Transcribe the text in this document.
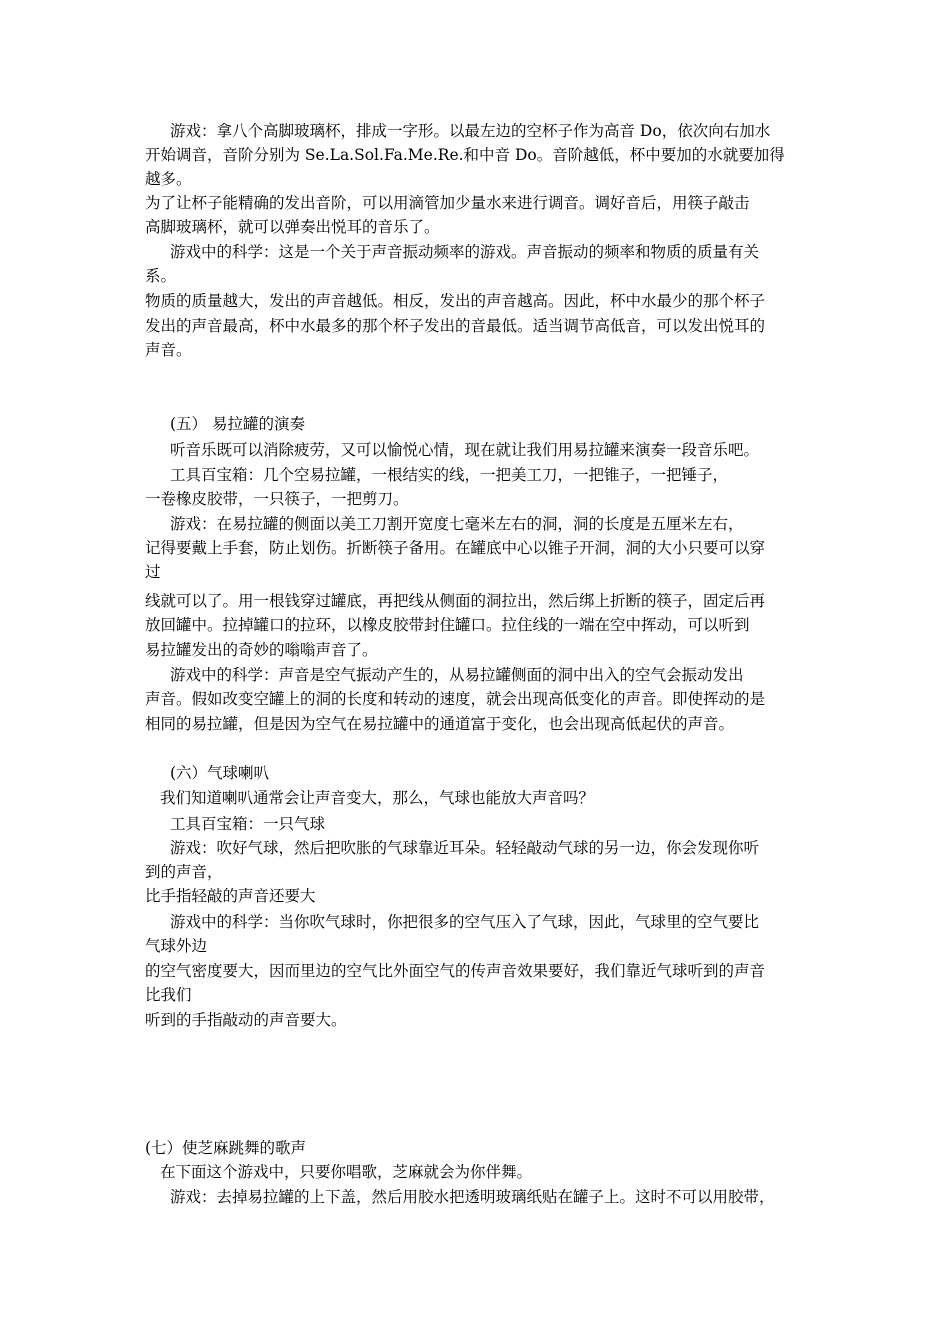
游戏：拿八个高脚玻璃杯，排成一字形。以最左边的空杯子作为高音 Do，依次向右加水
开始调音，音阶分别为 Se.La.Sol.Fa.Me.Re.和中音 Do。音阶越低，杯中要加的水就要加得
越多。
为了让杯子能精确的发出音阶，可以用滴管加少量水来进行调音。调好音后，用筷子敲击
高脚玻璃杯，就可以弹奏出悦耳的音乐了。
游戏中的科学：这是一个关于声音振动频率的游戏。声音振动的频率和物质的质量有关
系。
物质的质量越大，发出的声音越低。相反，发出的声音越高。因此，杯中水最少的那个杯子
发出的声音最高，杯中水最多的那个杯子发出的音最低。适当调节高低音，可以发出悦耳的
声音。
(五） 易拉罐的演奏
听音乐既可以消除疲劳，又可以愉悦心情，现在就让我们用易拉罐来演奏一段音乐吧。
工具百宝箱：几个空易拉罐，一根结实的线，一把美工刀，一把锥子，一把锤子，
一卷橡皮胶带，一只筷子，一把剪刀。
游戏：在易拉罐的侧面以美工刀割开宽度七毫米左右的洞，洞的长度是五厘米左右，
记得要戴上手套，防止划伤。折断筷子备用。在罐底中心以锥子开洞，洞的大小只要可以穿
过
线就可以了。用一根钱穿过罐底，再把线从侧面的洞拉出，然后绑上折断的筷子，固定后再
放回罐中。拉掉罐口的拉环，以橡皮胶带封住罐口。拉住线的一端在空中挥动，可以听到
易拉罐发出的奇妙的嗡嗡声音了。
游戏中的科学：声音是空气振动产生的，从易拉罐侧面的洞中出入的空气会振动发出
声音。假如改变空罐上的洞的长度和转动的速度，就会出现高低变化的声音。即使挥动的是
相同的易拉罐，但是因为空气在易拉罐中的通道富于变化，也会出现高低起伏的声音。
(六）气球喇叭
我们知道喇叭通常会让声音变大，那么，气球也能放大声音吗？
工具百宝箱：一只气球
游戏：吹好气球，然后把吹胀的气球靠近耳朵。轻轻敲动气球的另一边，你会发现你听
到的声音，
比手指轻敲的声音还要大
游戏中的科学：当你吹气球时，你把很多的空气压入了气球，因此，气球里的空气要比
气球外边
的空气密度要大，因而里边的空气比外面空气的传声音效果要好，我们靠近气球听到的声音
比我们
听到的手指敲动的声音要大。
(七）使芝麻跳舞的歌声
在下面这个游戏中，只要你唱歌，芝麻就会为你伴舞。
游戏：去掉易拉罐的上下盖，然后用胶水把透明玻璃纸贴在罐子上。这时不可以用胶带，
